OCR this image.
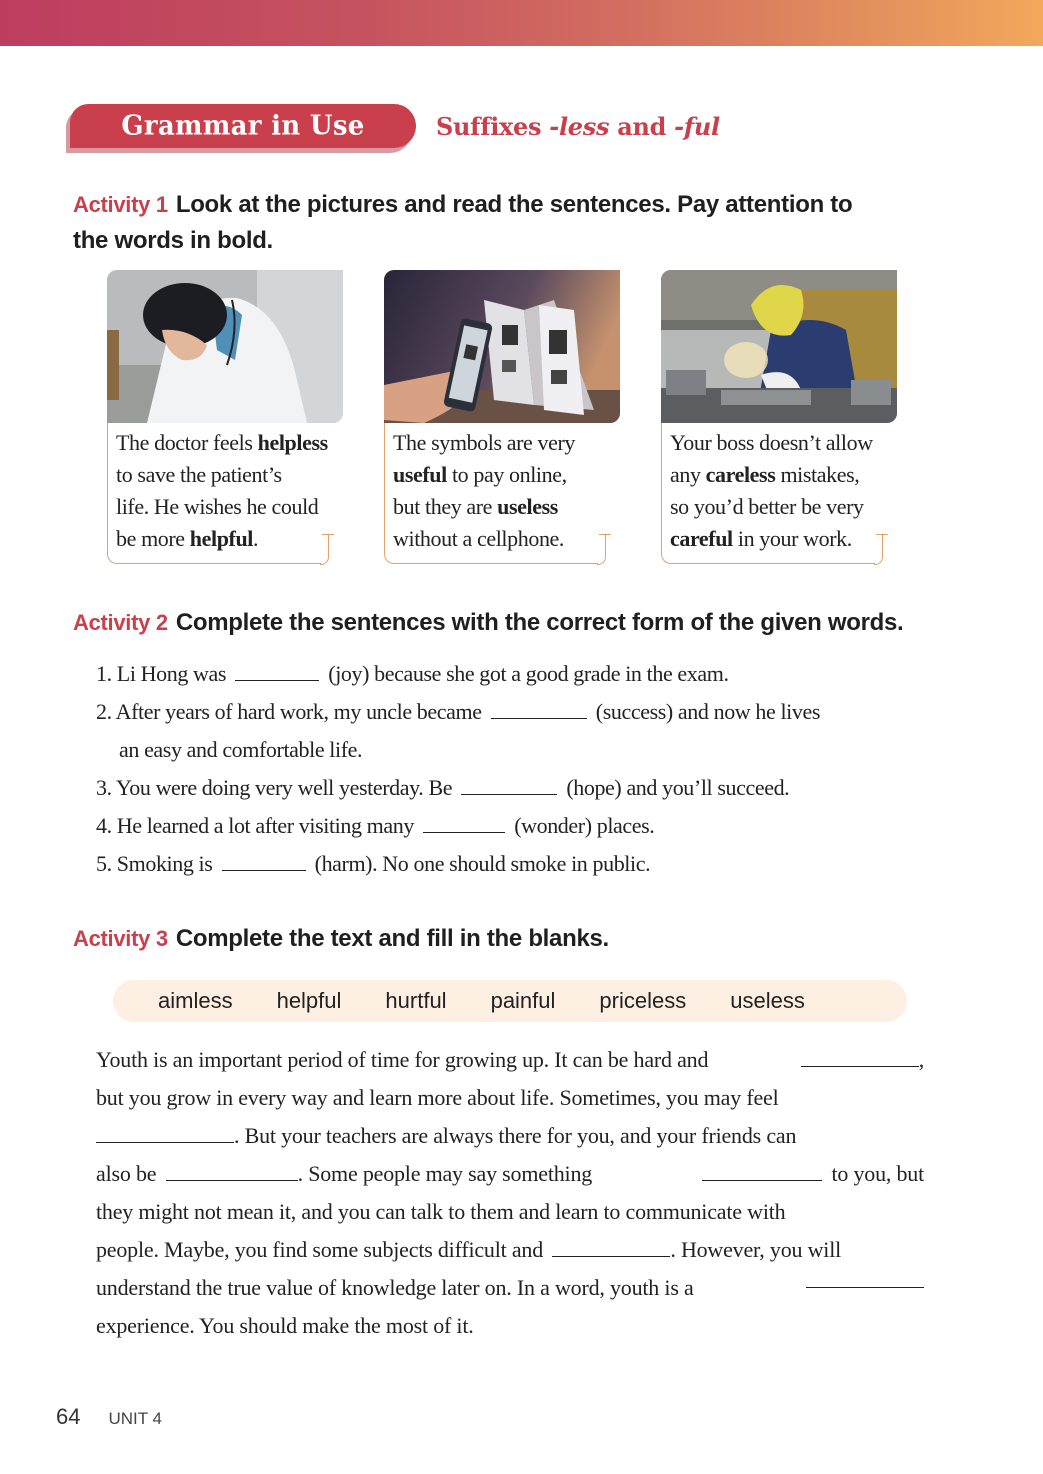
Grammar in Use	Suffixes -less and -ful
Activity 1 Look at the pictures and read the sentences. Pay attention to
the words in bold.
The doctor feels helpless
to save the patient’s
life. He wishes he could
be more helpful.
The symbols are very
useful to pay online,
but they are useless
without a cellphone.
Your boss doesn’t allow
any careless mistakes,
so you’d better be very
careful in your work.
Activity 2 Complete the sentences with the correct form of the given words.
1. Li Hong was	(joy) because she got a good grade in the exam.
2. After years of hard work, my uncle became	(success) and now he lives
an easy and comfortable life.
3. You were doing very well yesterday. Be	(hope) and you’ll succeed.
4. He learned a lot after visiting many	(wonder) places.
5. Smoking is	(harm). No one should smoke in public.
Activity 3 Complete the text and fill in the blanks.
aimless helpful hurtful painful priceless useless
Youth is an important period of time for growing up. It can be hard and	,
but you grow in every way and learn more about life. Sometimes, you may feel
. But your teachers are always there for you, and your friends can
also be	. Some people may say something	to you, but
they might not mean it, and you can talk to them and learn to communicate with
people. Maybe, you find some subjects difficult and	. However, you will
understand the true value of knowledge later on. In a word, youth is a
experience. You should make the most of it.
64 UNIT 4
